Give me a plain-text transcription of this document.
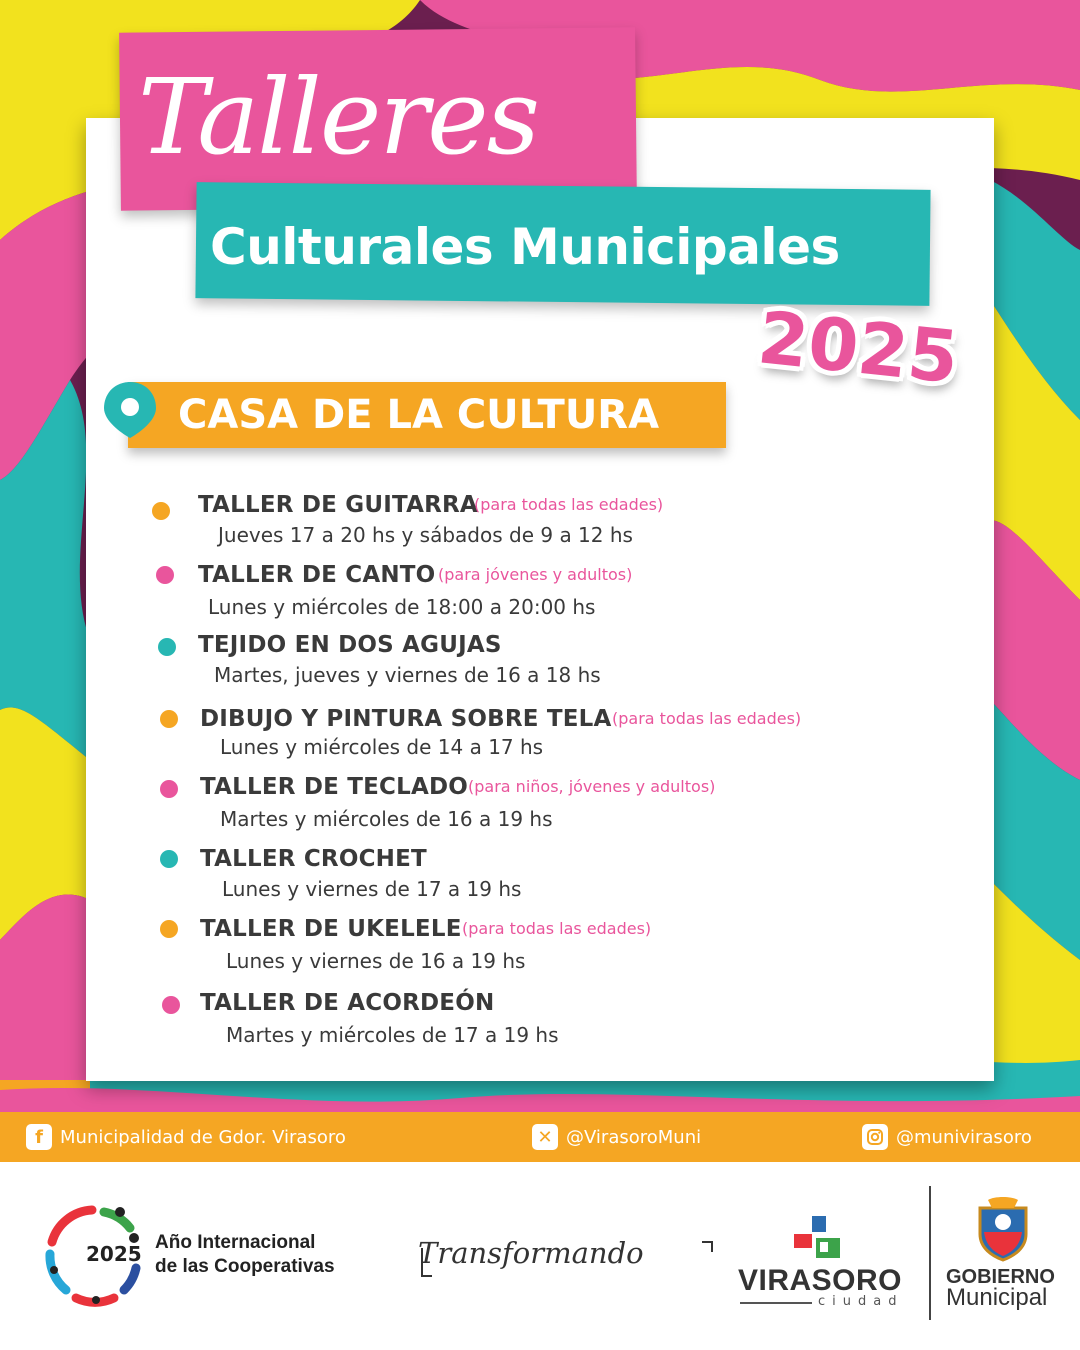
Talleres
Culturales Municipales
2025
CASA DE LA CULTURA
TALLER DE GUITARRA
(para todas las edades)
Jueves 17 a 20 hs y sábados de 9 a 12 hs
TALLER DE CANTO (para jóvenes y adultos)
Lunes y miércoles de 18:00 a 20:00 hs
TEJIDO EN DOS AGUJAS
Martes, jueves y viernes de 16 a 18 hs
DIBUJO Y PINTURA SOBRE TELA (para todas las edades)
Lunes y miércoles de 14 a 17 hs
TALLER DE TECLADO (para niños, jóvenes y adultos)
Martes y miércoles de 16 a 19 hs
TALLER CROCHET
Lunes y viernes de 17 a 19 hs
TALLER DE UKELELE (para todas las edades)
Lunes y viernes de 16 a 19 hs
TALLER DE ACORDEÓN
Martes y miércoles de 17 a 19 hs
f Municipalidad de Gdor. Virasoro	✕ @VirasoroMuni	@munivirasoro
2025 Año Internacional
de las Cooperativas	Transformando
VIRASORO
ciudad
GOBIERNO
Municipal
